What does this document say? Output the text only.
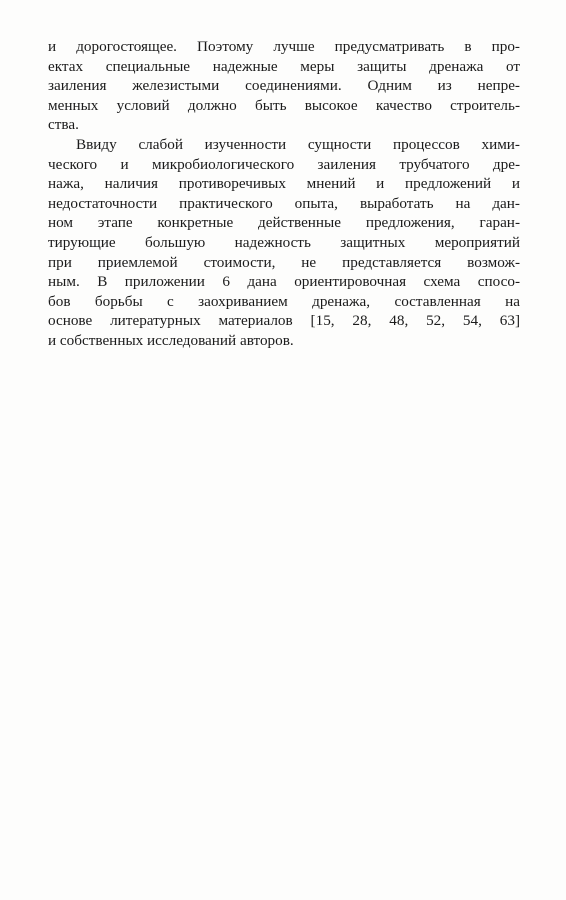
и дорогостоящее. Поэтому лучше предусматривать в про-
ектах специальные надежные меры защиты дренажа от
заиления железистыми соединениями. Одним из непре-
менных условий должно быть высокое качество строитель-
ства.
Ввиду слабой изученности сущности процессов хими-
ческого и микробиологического заиления трубчатого дре-
нажа, наличия противоречивых мнений и предложений и
недостаточности практического опыта, выработать на дан-
ном этапе конкретные действенные предложения, гаран-
тирующие большую надежность защитных мероприятий
при приемлемой стоимости, не представляется возмож-
ным. В приложении 6 дана ориентировочная схема спосо-
бов борьбы с заохриванием дренажа, составленная на
основе литературных материалов [15, 28, 48, 52, 54, 63]
и собственных исследований авторов.
